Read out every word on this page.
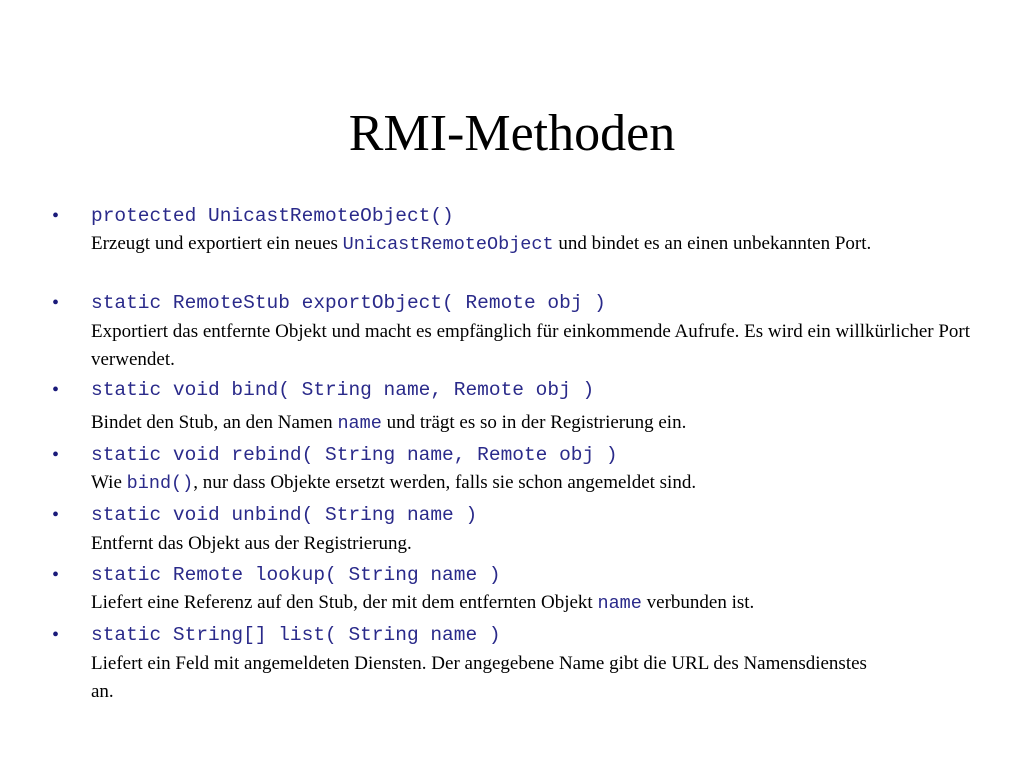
RMI-Methoden
• protected UnicastRemoteObject()
Erzeugt und exportiert ein neues UnicastRemoteObject und bindet es an einen unbekannten Port.
• static RemoteStub exportObject( Remote obj )
Exportiert das entfernte Objekt und macht es empfänglich für einkommende Aufrufe. Es wird ein willkürlicher Port verwendet.
• static void bind( String name, Remote obj )
Bindet den Stub, an den Namen name und trägt es so in der Registrierung ein.
• static void rebind( String name, Remote obj )
Wie bind(), nur dass Objekte ersetzt werden, falls sie schon angemeldet sind.
• static void unbind( String name )
Entfernt das Objekt aus der Registrierung.
• static Remote lookup( String name )
Liefert eine Referenz auf den Stub, der mit dem entfernten Objekt name verbunden ist.
• static String[] list( String name )
Liefert ein Feld mit angemeldeten Diensten. Der angegebene Name gibt die URL des Namensdienstes an.
